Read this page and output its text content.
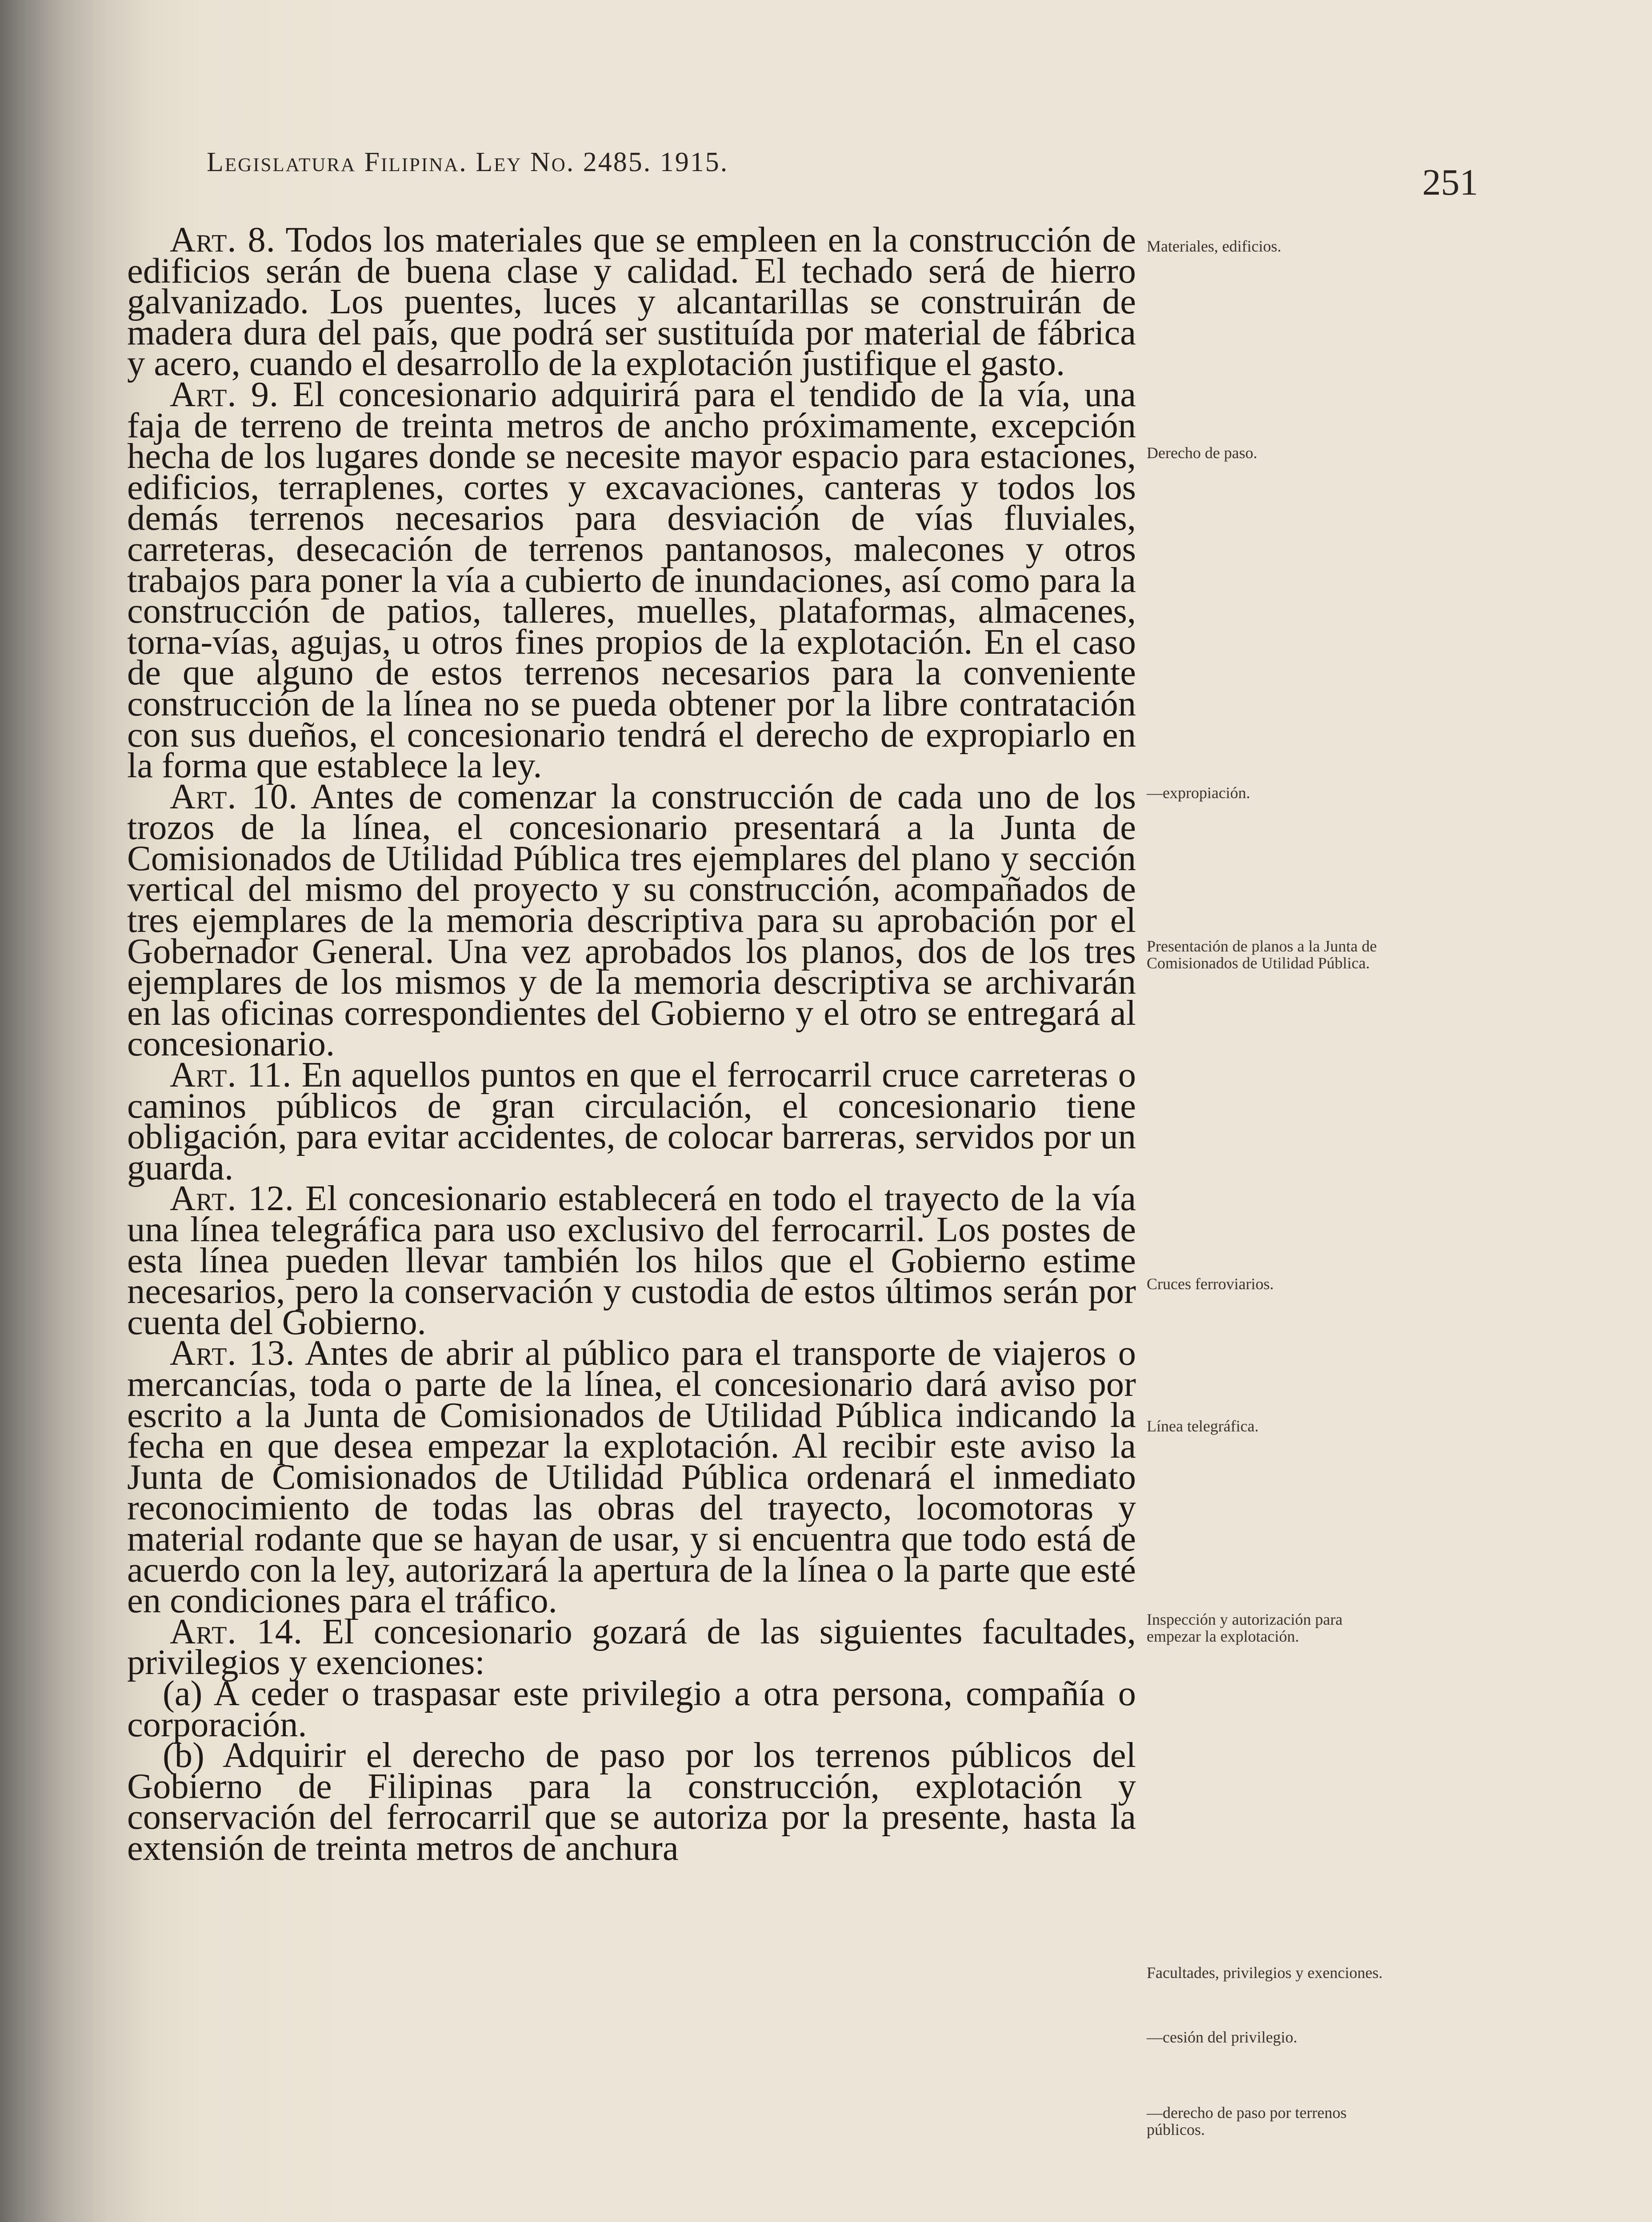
Legislatura Filipina. Ley No. 2485. 1915.	251

Art. 8. Todos los materiales que se empleen en la construcción de edificios serán de buena clase y calidad. El techado será de hierro galvanizado. Los puentes, luces y alcantarillas se construirán de madera dura del país, que podrá ser sustituída por material de fábrica y acero, cuando el desarrollo de la explotación justifique el gasto.

Art. 9. El concesionario adquirirá para el tendido de la vía, una faja de terreno de treinta metros de ancho próximamente, excepción hecha de los lugares donde se necesite mayor espacio para estaciones, edificios, terraplenes, cortes y excavaciones, canteras y todos los demás terrenos necesarios para desviación de vías fluviales, carreteras, desecación de terrenos pantanosos, malecones y otros trabajos para poner la vía a cubierto de inundaciones, así como para la construcción de patios, talleres, muelles, plataformas, almacenes, torna-vías, agujas, u otros fines propios de la explotación. En el caso de que alguno de estos terrenos necesarios para la conveniente construcción de la línea no se pueda obtener por la libre contratación con sus dueños, el concesionario tendrá el derecho de expropiarlo en la forma que establece la ley.

Art. 10. Antes de comenzar la construcción de cada uno de los trozos de la línea, el concesionario presentará a la Junta de Comisionados de Utilidad Pública tres ejemplares del plano y sección vertical del mismo del proyecto y su construcción, acompañados de tres ejemplares de la memoria descriptiva para su aprobación por el Gobernador General. Una vez aprobados los planos, dos de los tres ejemplares de los mismos y de la memoria descriptiva se archivarán en las oficinas correspondientes del Gobierno y el otro se entregará al concesionario.

Art. 11. En aquellos puntos en que el ferrocarril cruce carreteras o caminos públicos de gran circulación, el concesionario tiene obligación, para evitar accidentes, de colocar barreras, servidos por un guarda.

Art. 12. El concesionario establecerá en todo el trayecto de la vía una línea telegráfica para uso exclusivo del ferrocarril. Los postes de esta línea pueden llevar también los hilos que el Gobierno estime necesarios, pero la conservación y custodia de estos últimos serán por cuenta del Gobierno.

Art. 13. Antes de abrir al público para el transporte de viajeros o mercancías, toda o parte de la línea, el concesionario dará aviso por escrito a la Junta de Comisionados de Utilidad Pública indicando la fecha en que desea empezar la explotación. Al recibir este aviso la Junta de Comisionados de Utilidad Pública ordenará el inmediato reconocimiento de todas las obras del trayecto, locomotoras y material rodante que se hayan de usar, y si encuentra que todo está de acuerdo con la ley, autorizará la apertura de la línea o la parte que esté en condiciones para el tráfico.

Art. 14. El concesionario gozará de las siguientes facultades, privilegios y exenciones:

(a) A ceder o traspasar este privilegio a otra persona, compañía o corporación.

(b) Adquirir el derecho de paso por los terrenos públicos del Gobierno de Filipinas para la construcción, explotación y conservación del ferrocarril que se autoriza por la presente, hasta la extensión de treinta metros de anchura

Materiales, edificios.
Derecho de paso.
—expropiación.
Presentación de planos a la Junta de Comisionados de Utilidad Pública.
Cruces ferroviarios.
Línea telegráfica.
Inspección y autorización para empezar la explotación.
Facultades, privilegios y exenciones.
—cesión del privilegio.
—derecho de paso por terrenos públicos.
